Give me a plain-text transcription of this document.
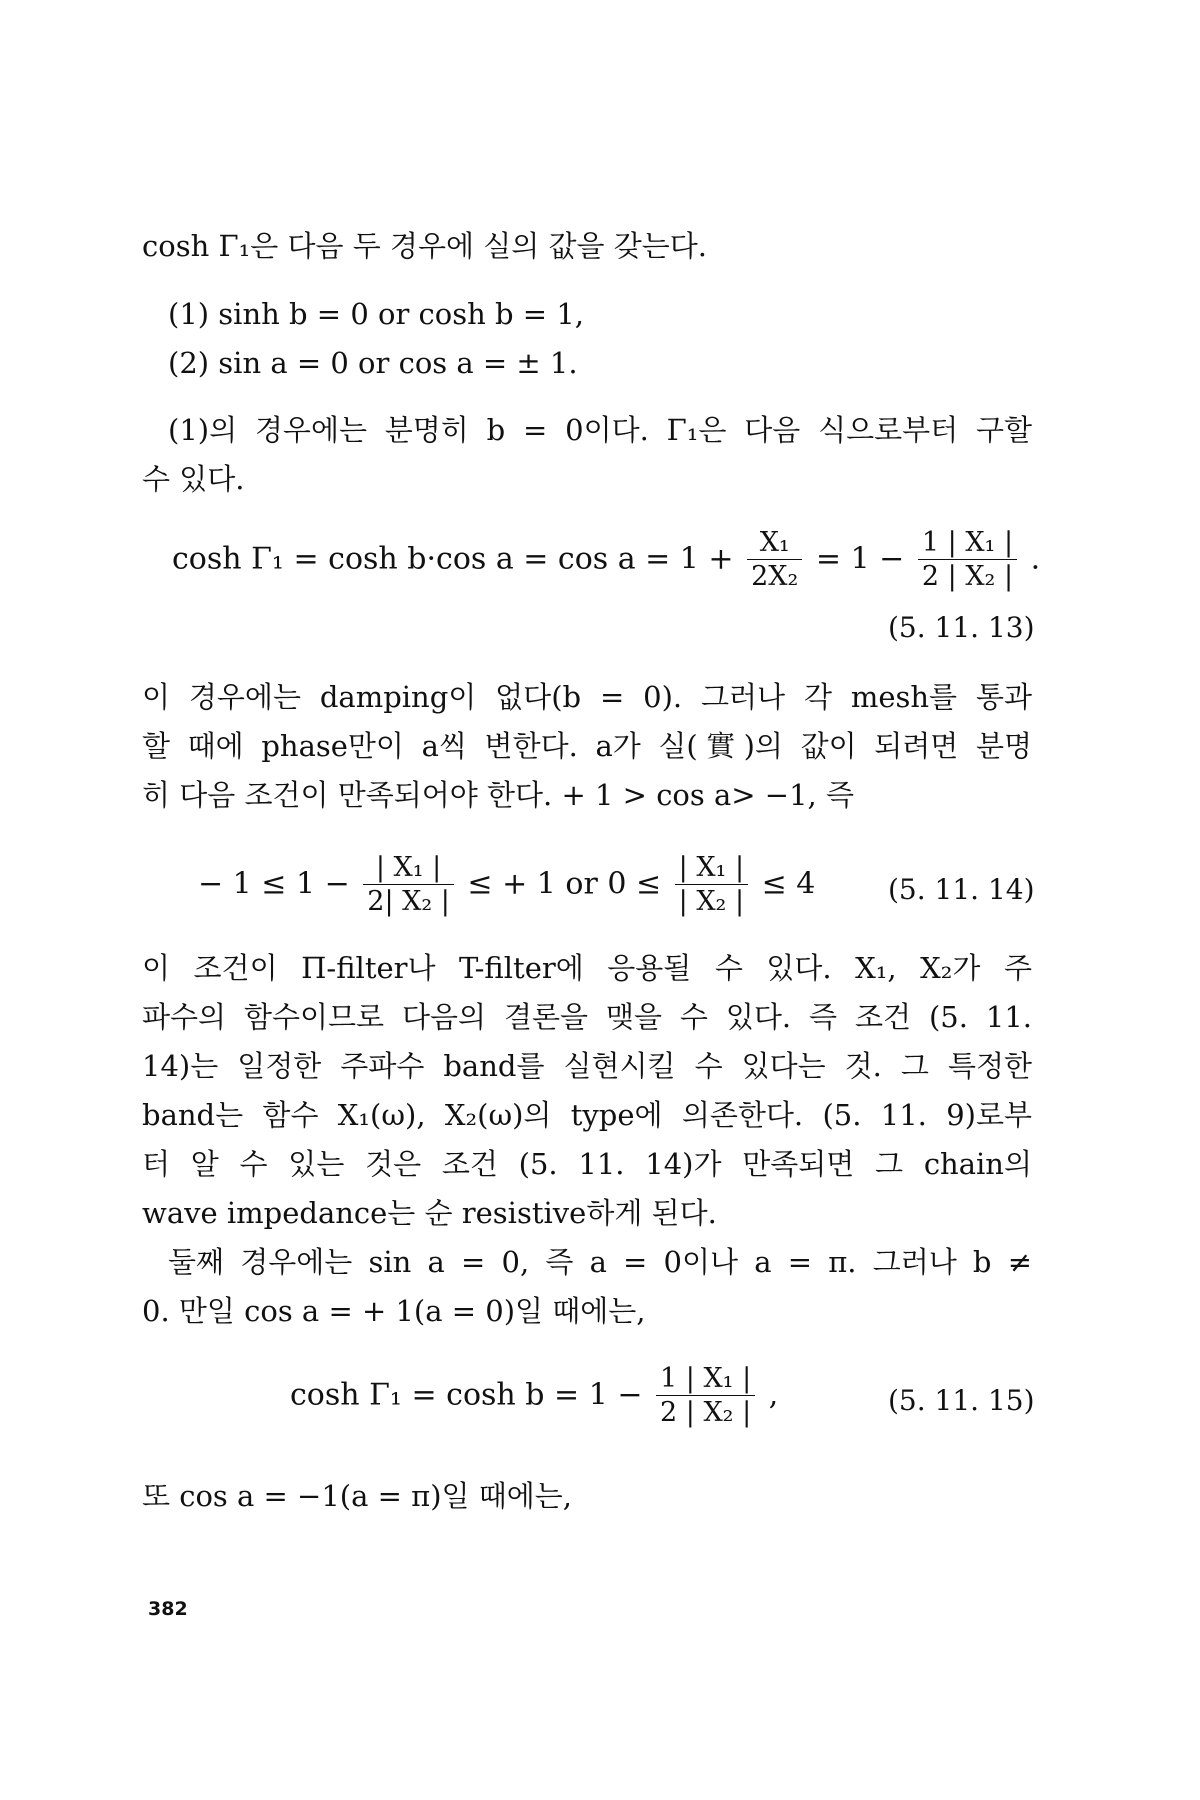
cosh Γ₁은 다음 두 경우에 실의 값을 갖는다.
(1) sinh b = 0 or cosh b = 1,
(2) sin a = 0 or cos a = ± 1.
(1)의 경우에는 분명히 b = 0이다. Γ₁은 다음 식으로부터 구할
수 있다.
cosh Γ₁ = cosh b·cos $a = \cos a = 1 + \frac{\text{X₁}}{\text{2X₂}} = 1 - \frac{\text{1 | X₁ |}}{\text{2 | X₂ |}}$ .
(5. 11. 13)
이 경우에는 damping이 없다(b = 0). 그러나 각 mesh를 통과
할 때에 phase만이 a씩 변한다. a가 실(實)의 값이 되려면 분명
히 다음 조건이 만족되어야 한다. + 1 > cos a> −1, 즉
− $1 \le 1 - \frac{\text{| X₁ |}}{\text{2| X₂ |}}$ ≤ + 1 or $0 \le \frac{\text{| X₁ |}}{\text{| X₂ |}} \le 4$	(5. 11. 14)
이 조건이 Π-filter나 T-filter에 응용될 수 있다. X₁, X₂가 주
파수의 함수이므로 다음의 결론을 맺을 수 있다. 즉 조건 (5. 11.
14)는 일정한 주파수 band를 실현시킬 수 있다는 것. 그 특정한
band는 함수 X₁(ω), X₂(ω)의 type에 의존한다. (5. 11. 9)로부
터 알 수 있는 것은 조건 (5. 11. 14)가 만족되면 그 chain의
wave impedance는 순 resistive하게 된다.
둘째 경우에는 sin a = 0, 즉 a = 0이나 a = π. 그러나 b ≠
0. 만일 cos a = + 1(a = 0)일 때에는,
$\cosh \Gamma_1 = \cosh b = 1 - \frac{\text{1 | X₁ |}}{\text{2 | X₂ |}}$ ,	(5. 11. 15)
또 cos a = −1(a = π)일 때에는,
382
